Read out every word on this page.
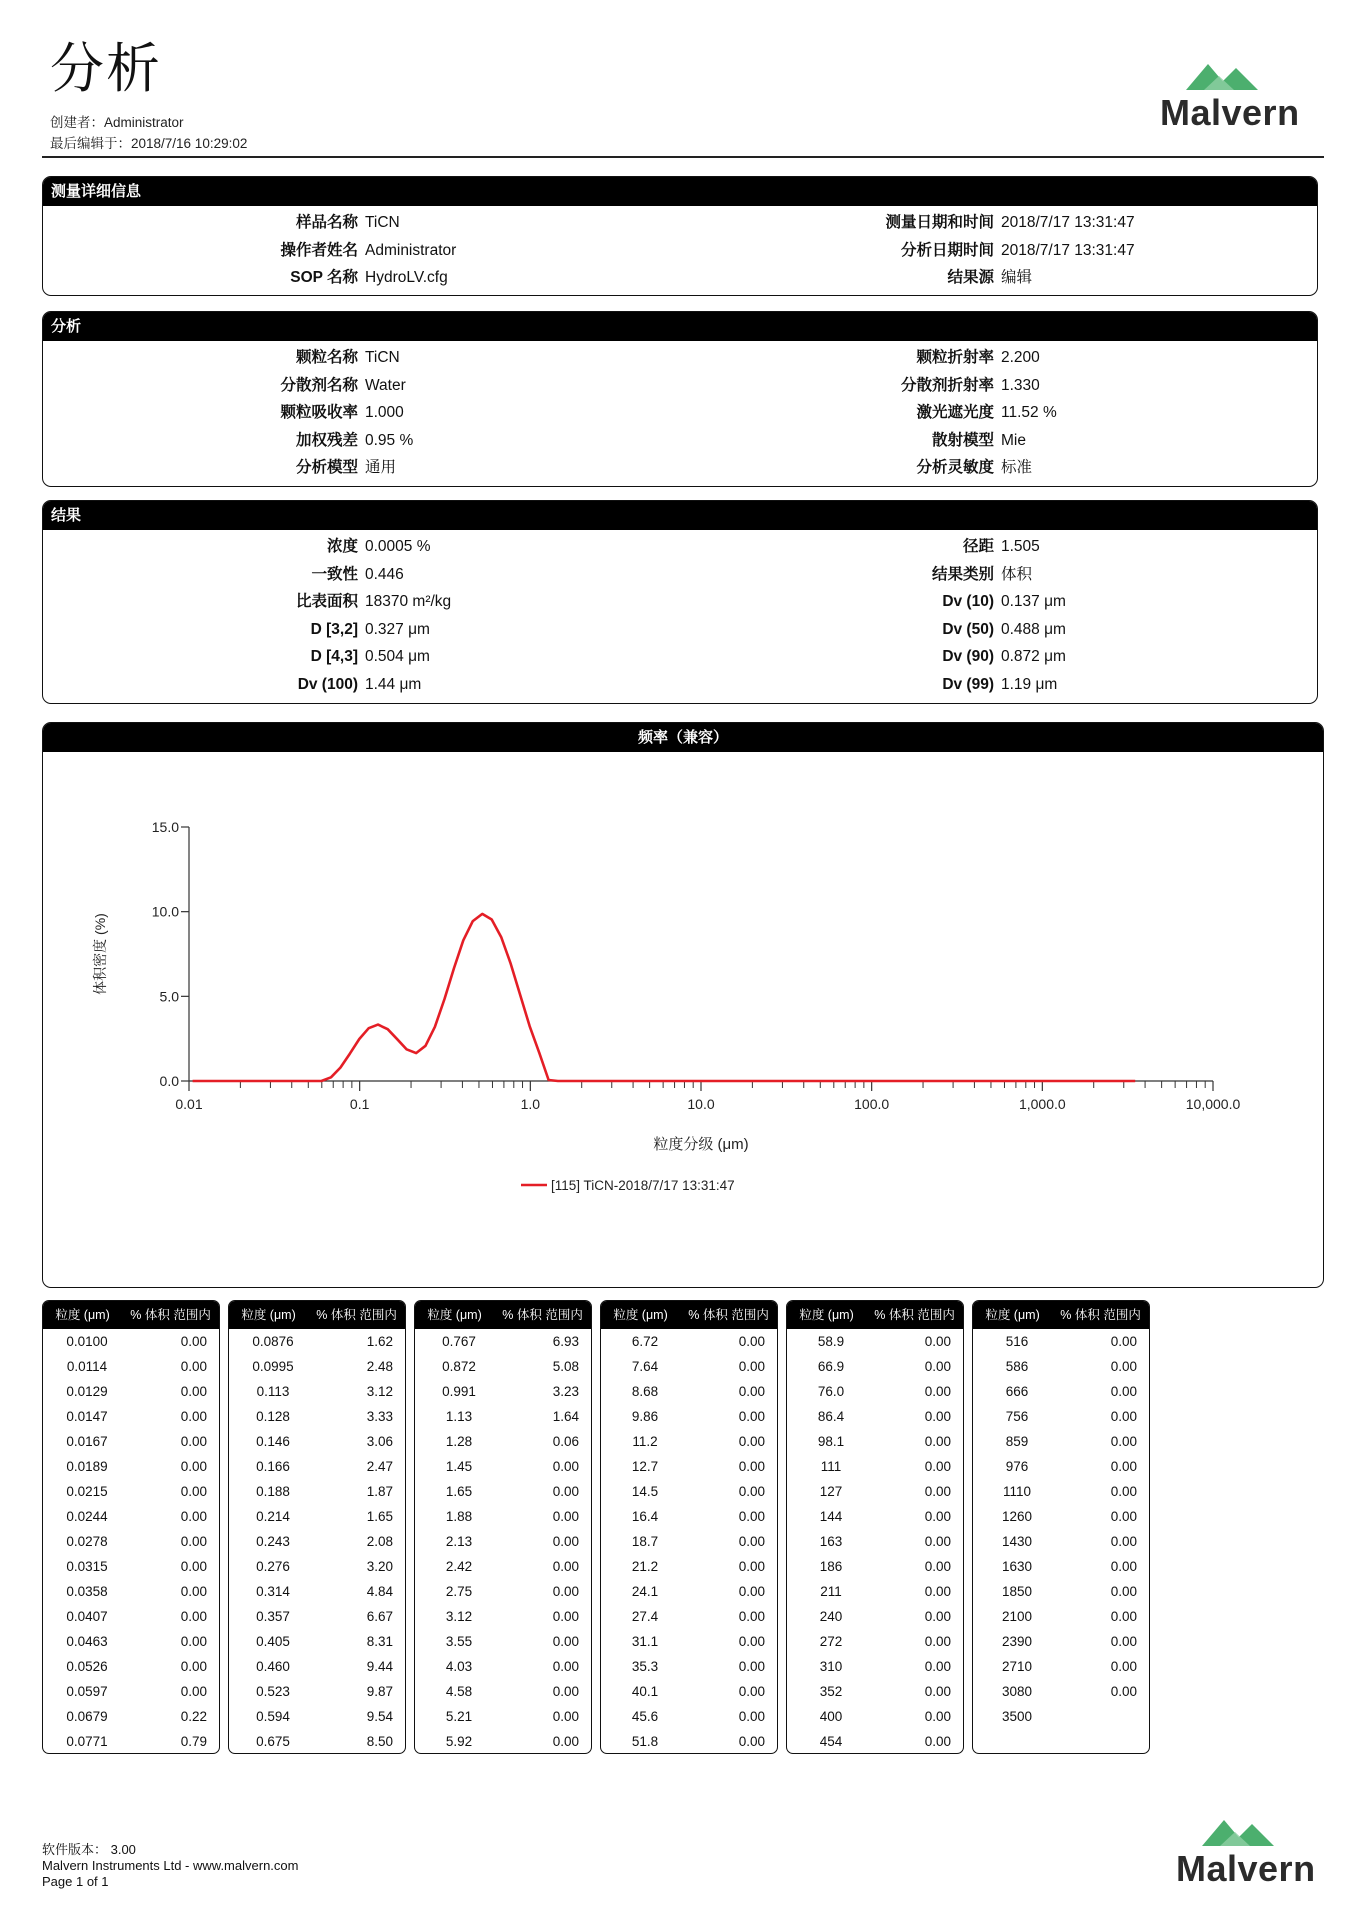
分析
创建者：Administrator
最后编辑于：2018/7/16 10:29:02
Malvern
测量详细信息
样品名称 TiCN
操作者姓名 Administrator
SOP 名称 HydroLV.cfg
测量日期和时间 2018/7/17 13:31:47
分析日期时间 2018/7/17 13:31:47
结果源 编辑
分析
颗粒名称 TiCN
分散剂名称 Water
颗粒吸收率 1.000
加权残差 0.95 %
分析模型 通用
颗粒折射率 2.200
分散剂折射率 1.330
激光遮光度 11.52 %
散射模型 Mie
分析灵敏度 标准
结果
浓度 0.0005 %
一致性 0.446
比表面积 18370 m²/kg
D [3,2] 0.327 μm
D [4,3] 0.504 μm
Dv (100) 1.44 μm
径距 1.505
结果类别 体积
Dv (10) 0.137 μm
Dv (50) 0.488 μm
Dv (90) 0.872 μm
Dv (99) 1.19 μm
频率（兼容）
0.0
5.0
10.0
15.0
0.01	0.1	1.0	10.0	100.0	1,000.0	10,000.0
粒度分级 (μm)
体积密度 (%)
[115] TiCN-2018/7/17 13:31:47
粒度 (μm)	% 体积 范围内
0.0100	0.00
0.0114	0.00
0.0129	0.00
0.0147	0.00
0.0167	0.00
0.0189	0.00
0.0215	0.00
0.0244	0.00
0.0278	0.00
0.0315	0.00
0.0358	0.00
0.0407	0.00
0.0463	0.00
0.0526	0.00
0.0597	0.00
0.0679	0.22
0.0771	0.79
粒度 (μm)	% 体积 范围内
0.0876	1.62
0.0995	2.48
0.113	3.12
0.128	3.33
0.146	3.06
0.166	2.47
0.188	1.87
0.214	1.65
0.243	2.08
0.276	3.20
0.314	4.84
0.357	6.67
0.405	8.31
0.460	9.44
0.523	9.87
0.594	9.54
0.675	8.50
粒度 (μm)	% 体积 范围内
0.767	6.93
0.872	5.08
0.991	3.23
1.13	1.64
1.28	0.06
1.45	0.00
1.65	0.00
1.88	0.00
2.13	0.00
2.42	0.00
2.75	0.00
3.12	0.00
3.55	0.00
4.03	0.00
4.58	0.00
5.21	0.00
5.92	0.00
粒度 (μm)	% 体积 范围内
6.72	0.00
7.64	0.00
8.68	0.00
9.86	0.00
11.2	0.00
12.7	0.00
14.5	0.00
16.4	0.00
18.7	0.00
21.2	0.00
24.1	0.00
27.4	0.00
31.1	0.00
35.3	0.00
40.1	0.00
45.6	0.00
51.8	0.00
粒度 (μm)	% 体积 范围内
58.9	0.00
66.9	0.00
76.0	0.00
86.4	0.00
98.1	0.00
111	0.00
127	0.00
144	0.00
163	0.00
186	0.00
211	0.00
240	0.00
272	0.00
310	0.00
352	0.00
400	0.00
454	0.00
粒度 (μm)	% 体积 范围内
516	0.00
586	0.00
666	0.00
756	0.00
859	0.00
976	0.00
1110	0.00
1260	0.00
1430	0.00
1630	0.00
1850	0.00
2100	0.00
2390	0.00
2710	0.00
3080	0.00
3500
软件版本： 3.00
Malvern Instruments Ltd - www.malvern.com
Page 1 of 1	Malvern
